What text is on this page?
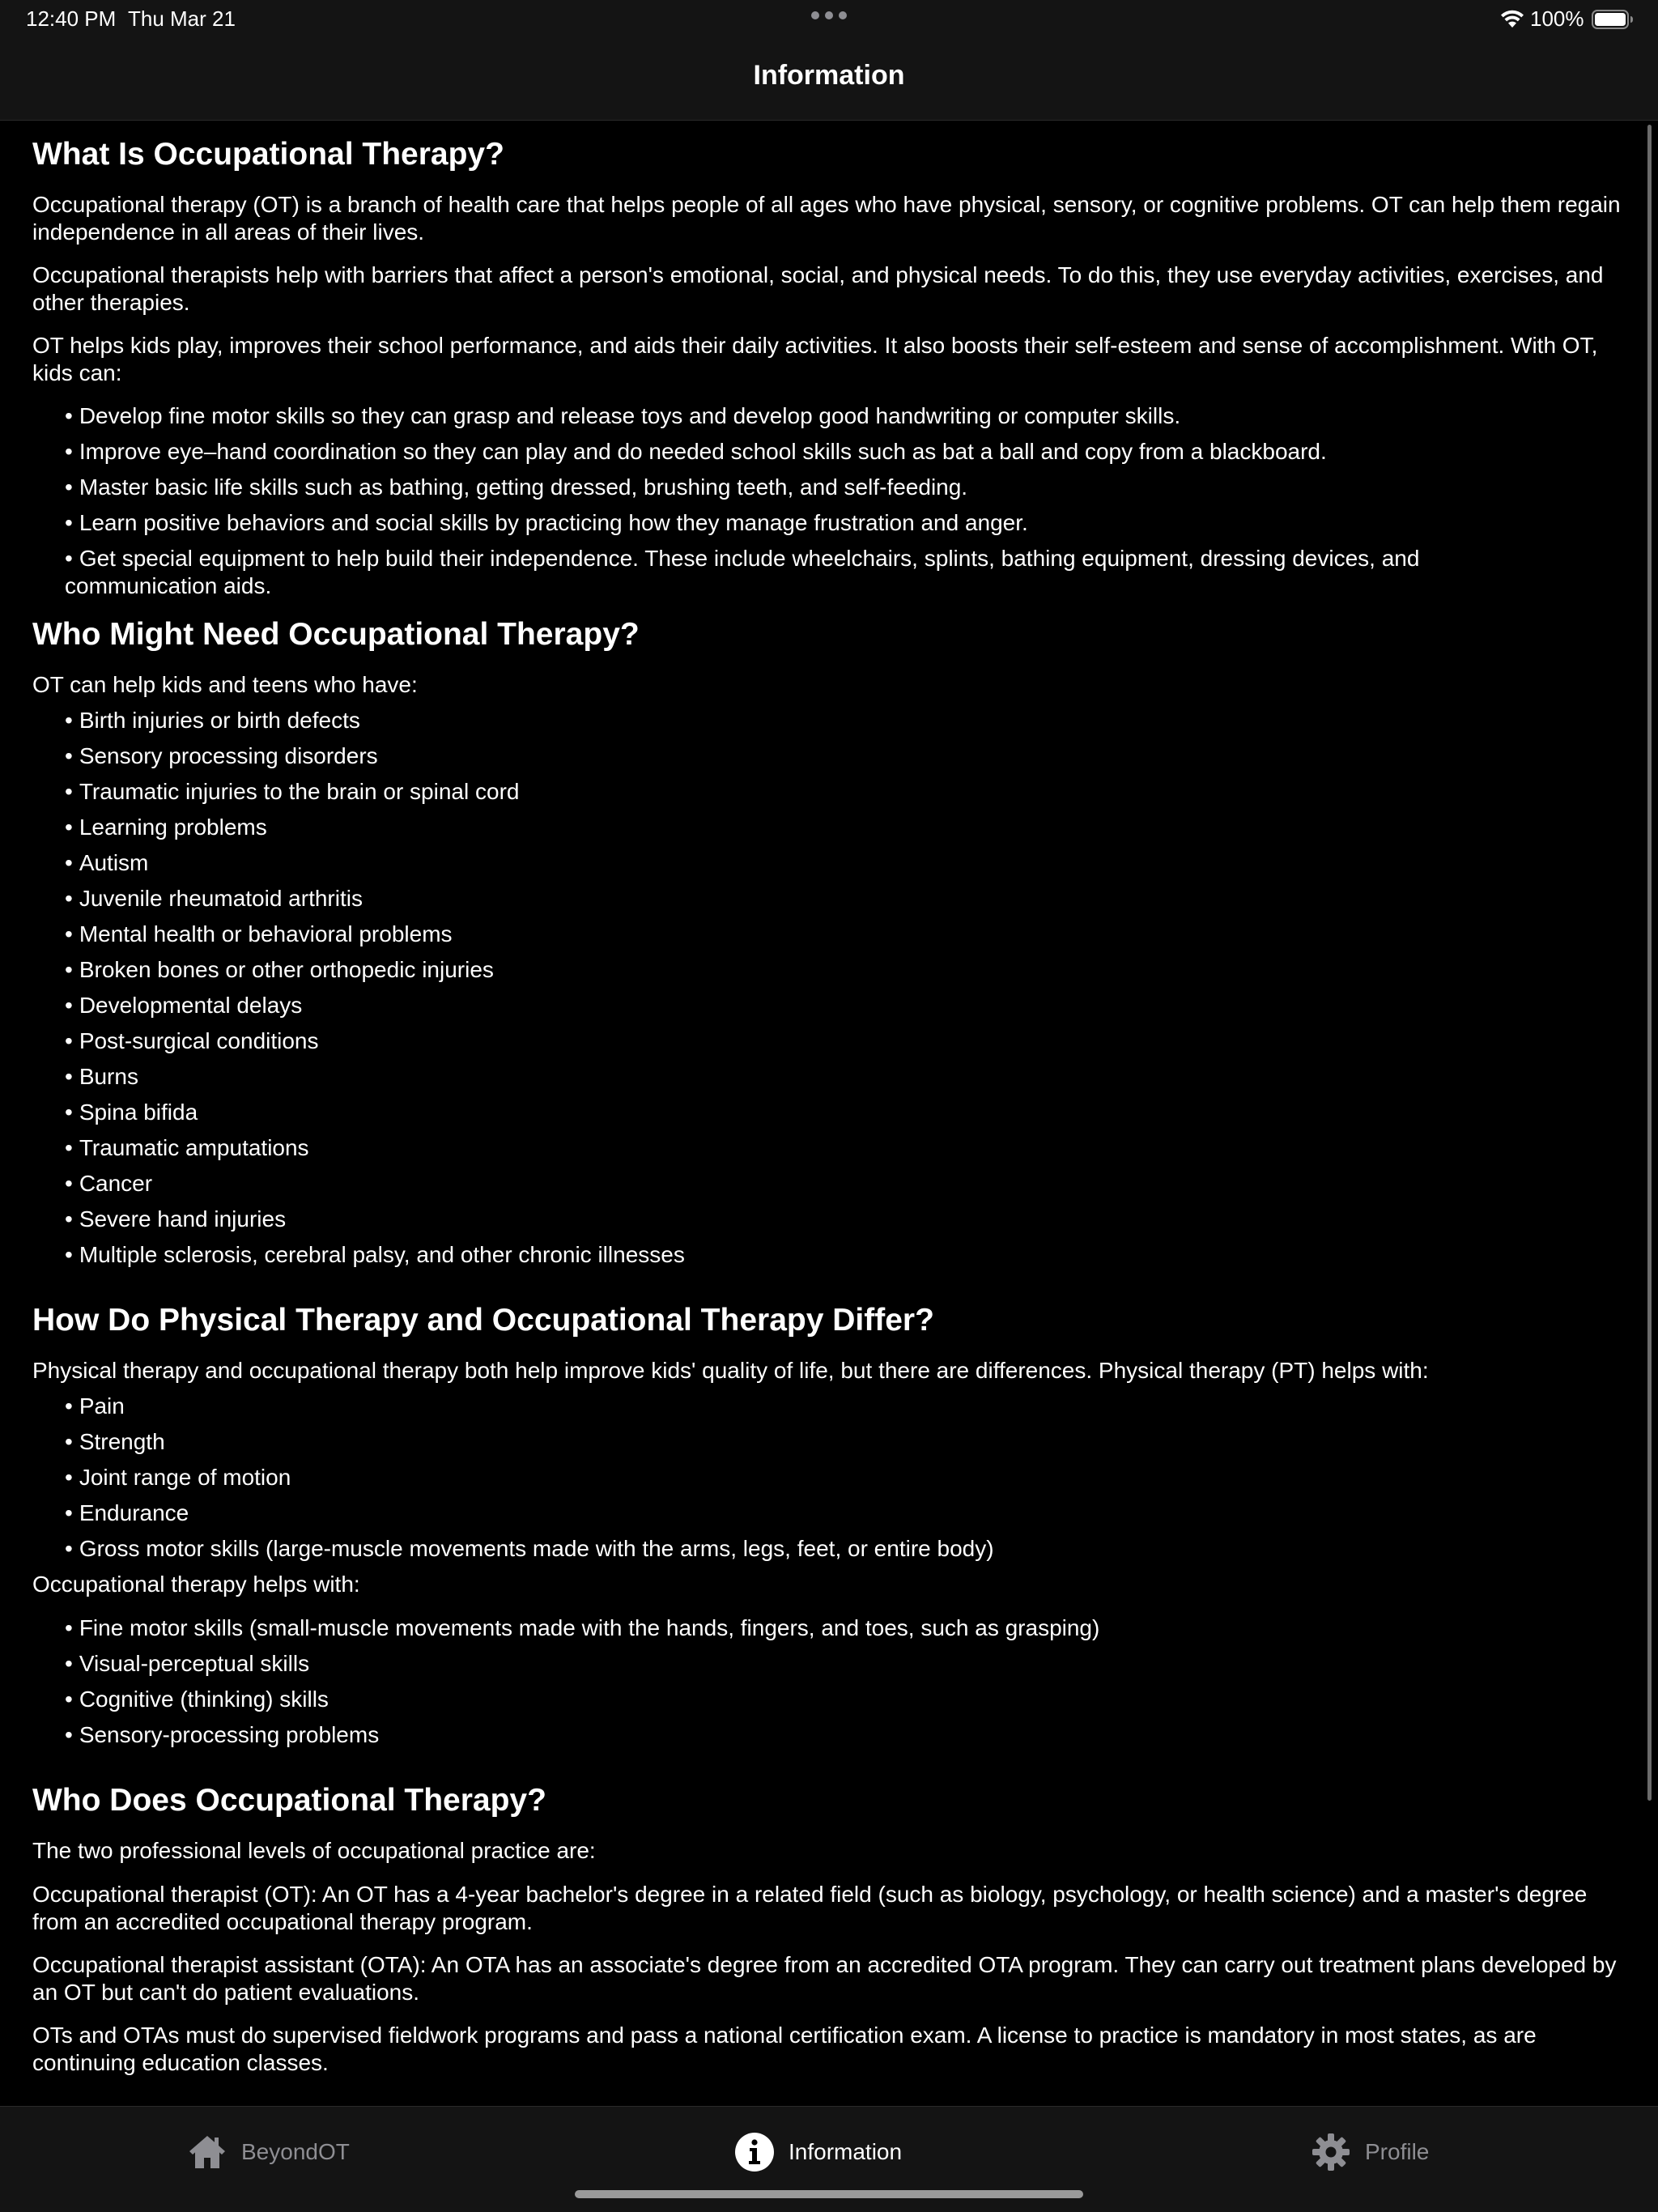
12:40 PM Thu Mar 21	100%
Information
What Is Occupational Therapy?
Occupational therapy (OT) is a branch of health care that helps people of all ages who have physical, sensory, or cognitive problems. OT can help them regain independence in all areas of their lives.
Occupational therapists help with barriers that affect a person's emotional, social, and physical needs. To do this, they use everyday activities, exercises, and other therapies.
OT helps kids play, improves their school performance, and aids their daily activities. It also boosts their self-esteem and sense of accomplishment. With OT, kids can:
• Develop fine motor skills so they can grasp and release toys and develop good handwriting or computer skills.
• Improve eye–hand coordination so they can play and do needed school skills such as bat a ball and copy from a blackboard.
• Master basic life skills such as bathing, getting dressed, brushing teeth, and self-feeding.
• Learn positive behaviors and social skills by practicing how they manage frustration and anger.
• Get special equipment to help build their independence. These include wheelchairs, splints, bathing equipment, dressing devices, and communication aids.
Who Might Need Occupational Therapy?
OT can help kids and teens who have:
• Birth injuries or birth defects
• Sensory processing disorders
• Traumatic injuries to the brain or spinal cord
• Learning problems
• Autism
• Juvenile rheumatoid arthritis
• Mental health or behavioral problems
• Broken bones or other orthopedic injuries
• Developmental delays
• Post-surgical conditions
• Burns
• Spina bifida
• Traumatic amputations
• Cancer
• Severe hand injuries
• Multiple sclerosis, cerebral palsy, and other chronic illnesses
How Do Physical Therapy and Occupational Therapy Differ?
Physical therapy and occupational therapy both help improve kids' quality of life, but there are differences. Physical therapy (PT) helps with:
• Pain
• Strength
• Joint range of motion
• Endurance
• Gross motor skills (large-muscle movements made with the arms, legs, feet, or entire body)
Occupational therapy helps with:
• Fine motor skills (small-muscle movements made with the hands, fingers, and toes, such as grasping)
• Visual-perceptual skills
• Cognitive (thinking) skills
• Sensory-processing problems
Who Does Occupational Therapy?
The two professional levels of occupational practice are:
Occupational therapist (OT): An OT has a 4-year bachelor's degree in a related field (such as biology, psychology, or health science) and a master's degree from an accredited occupational therapy program.
Occupational therapist assistant (OTA): An OTA has an associate's degree from an accredited OTA program. They can carry out treatment plans developed by an OT but can't do patient evaluations.
OTs and OTAs must do supervised fieldwork programs and pass a national certification exam. A license to practice is mandatory in most states, as are continuing education classes.
BeyondOT	Information	Profile
